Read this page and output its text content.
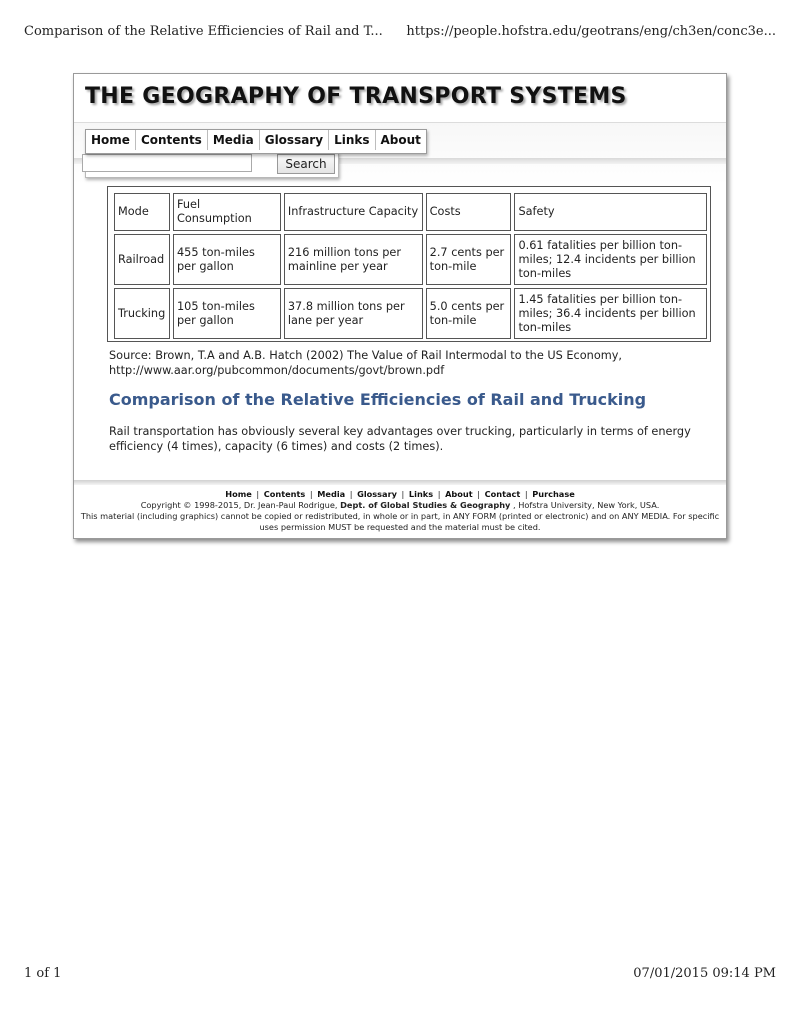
Comparison of the Relative Efficiencies of Rail and T... https://people.hofstra.edu/geotrans/eng/ch3en/conc3e...
THE GEOGRAPHY OF TRANSPORT SYSTEMS
Search
Home Contents Media Glossary Links About
Mode	Fuel Consumption	Infrastructure Capacity	Costs	Safety
Railroad	455 ton-miles per gallon	216 million tons per mainline per year	2.7 cents per ton-mile	0.61 fatalities per billion ton-miles; 12.4 incidents per billion ton-miles
Trucking	105 ton-miles per gallon	37.8 million tons per lane per year	5.0 cents per ton-mile	1.45 fatalities per billion ton-miles; 36.4 incidents per billion ton-miles
Source: Brown, T.A and A.B. Hatch (2002) The Value of Rail Intermodal to the US Economy,
http://www.aar.org/pubcommon/documents/govt/brown.pdf
Comparison of the Relative Efficiencies of Rail and Trucking
Rail transportation has obviously several key advantages over trucking, particularly in terms of energy efficiency (4 times), capacity (6 times) and costs (2 times).
Home | Contents | Media | Glossary | Links | About | Contact | Purchase
Copyright © 1998-2015, Dr. Jean-Paul Rodrigue, Dept. of Global Studies & Geography , Hofstra University, New York, USA.
This material (including graphics) cannot be copied or redistributed, in whole or in part, in ANY FORM (printed or electronic) and on ANY MEDIA. For specific uses permission MUST be requested and the material must be cited.
1 of 1	07/01/2015 09:14 PM
